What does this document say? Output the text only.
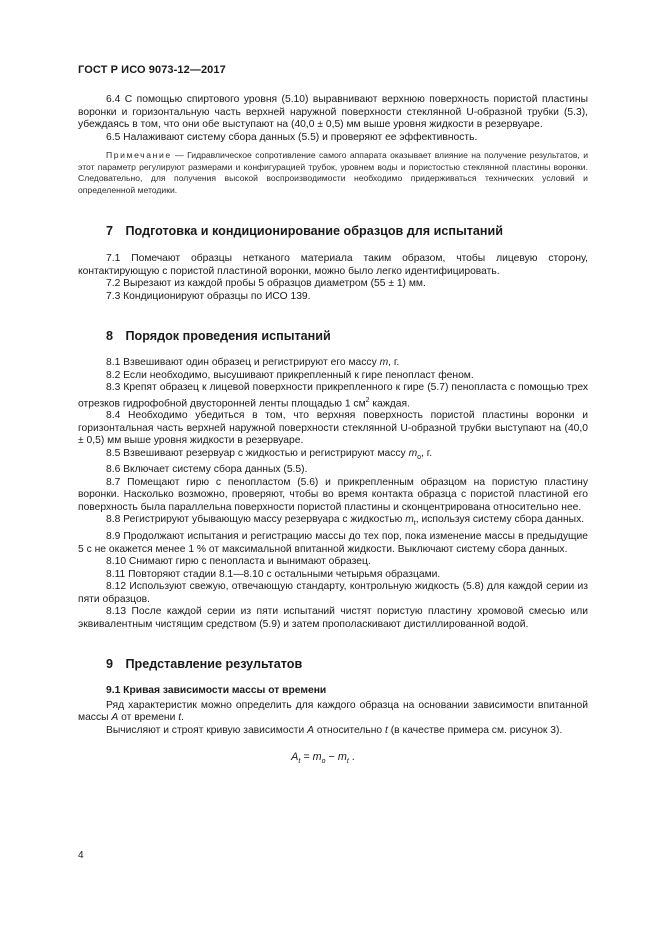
ГОСТ Р ИСО 9073-12—2017

6.4 С помощью спиртового уровня (5.10) выравнивают верхнюю поверхность пористой пластины воронки и горизонтальную часть верхней наружной поверхности стеклянной U-образной трубки (5.3), убеждаясь в том, что они обе выступают на (40,0 ± 0,5) мм выше уровня жидкости в резервуаре.

6.5 Налаживают систему сбора данных (5.5) и проверяют ее эффективность.

Примечание — Гидравлическое сопротивление самого аппарата оказывает влияние на получение результатов, и этот параметр регулируют размерами и конфигурацией трубок, уровнем воды и пористостью стеклянной пластины воронки. Следовательно, для получения высокой воспроизводимости необходимо придерживаться технических условий и определенной методики.

7 Подготовка и кондиционирование образцов для испытаний

7.1 Помечают образцы нетканого материала таким образом, чтобы лицевую сторону, контактирующую с пористой пластиной воронки, можно было легко идентифицировать.

7.2 Вырезают из каждой пробы 5 образцов диаметром (55 ± 1) мм.

7.3 Кондиционируют образцы по ИСО 139.

8 Порядок проведения испытаний

8.1 Взвешивают один образец и регистрируют его массу m, г.

8.2 Если необходимо, высушивают прикрепленный к гире пенопласт феном.

8.3 Крепят образец к лицевой поверхности прикрепленного к гире (5.7) пенопласта с помощью трех отрезков гидрофобной двусторонней ленты площадью 1 $см^2$ каждая.

8.4 Необходимо убедиться в том, что верхняя поверхность пористой пластины воронки и горизонтальная часть верхней наружной поверхности стеклянной U-образной трубки выступают на (40,0 ± 0,5) мм выше уровня жидкости в резервуаре.

8.5 Взвешивают резервуар с жидкостью и регистрируют массу $m_o$, г.

8.6 Включает систему сбора данных (5.5).

8.7 Помещают гирю с пенопластом (5.6) и прикрепленным образцом на пористую пластину воронки. Насколько возможно, проверяют, чтобы во время контакта образца с пористой пластиной его поверхность была параллельна поверхности пористой пластины и сконцентрирована относительно нее.

8.8 Регистрируют убывающую массу резервуара с жидкостью $m_t$, используя систему сбора данных.

8.9 Продолжают испытания и регистрацию массы до тех пор, пока изменение массы в предыдущие 5 с не окажется менее 1 % от максимальной впитанной жидкости. Выключают систему сбора данных.

8.10 Снимают гирю с пенопласта и вынимают образец.

8.11 Повторяют стадии 8.1—8.10 с остальными четырьмя образцами.

8.12 Используют свежую, отвечающую стандарту, контрольную жидкость (5.8) для каждой серии из пяти образцов.

8.13 После каждой серии из пяти испытаний чистят пористую пластину хромовой смесью или эквивалентным чистящим средством (5.9) и затем прополаскивают дистиллированной водой.

9 Представление результатов

9.1 Кривая зависимости массы от времени

Ряд характеристик можно определить для каждого образца на основании зависимости впитанной массы A от времени t.

Вычисляют и строят кривую зависимости A относительно t (в качестве примера см. рисунок 3).

$A_t = m_o - m_t$ .

4
